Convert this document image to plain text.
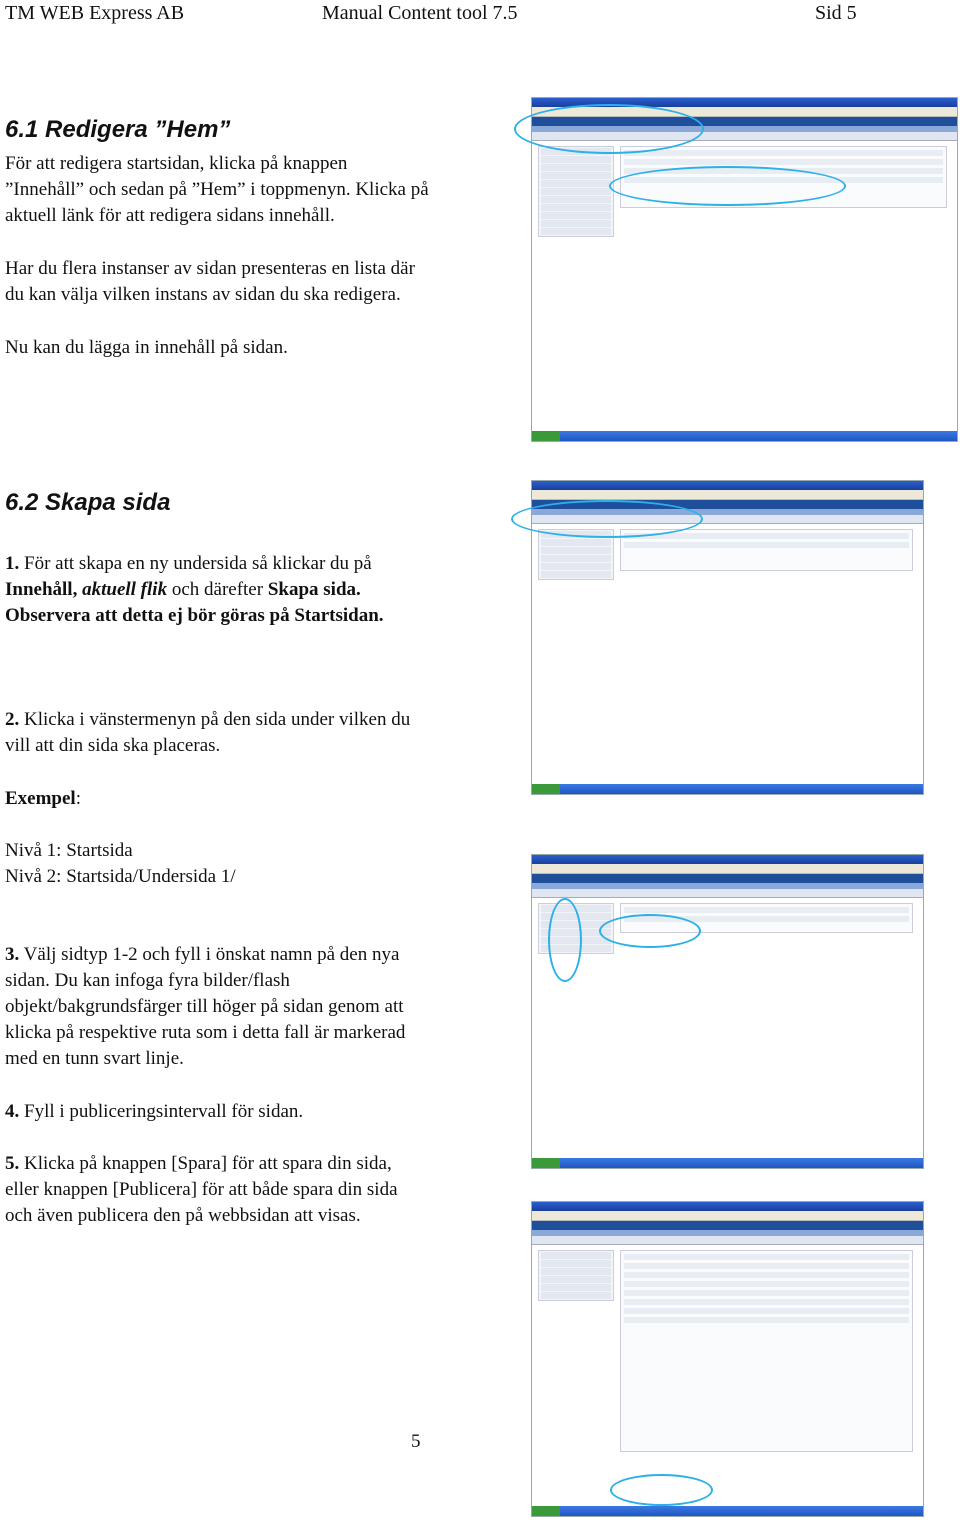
TM WEB Express AB	Manual Content tool 7.5	Sid 5
6.1 Redigera ”Hem”
För att redigera startsidan, klicka på knappen
”Innehåll” och sedan på ”Hem” i toppmenyn. Klicka på
aktuell länk för att redigera sidans innehåll.
Har du flera instanser av sidan presenteras en lista där
du kan välja vilken instans av sidan du ska redigera.
Nu kan du lägga in innehåll på sidan.
6.2 Skapa sida
1. För att skapa en ny undersida så klickar du på
Innehåll, aktuell flik och därefter Skapa sida.
Observera att detta ej bör göras på Startsidan.
2. Klicka i vänstermenyn på den sida under vilken du
vill att din sida ska placeras.
Exempel:
Nivå 1: Startsida
Nivå 2: Startsida/Undersida 1/
3. Välj sidtyp 1-2 och fyll i önskat namn på den nya
sidan. Du kan infoga fyra bilder/flash
objekt/bakgrundsfärger till höger på sidan genom att
klicka på respektive ruta som i detta fall är markerad
med en tunn svart linje.
4. Fyll i publiceringsintervall för sidan.
5. Klicka på knappen [Spara] för att spara din sida,
eller knappen [Publicera] för att både spara din sida
och även publicera den på webbsidan att visas.
5
